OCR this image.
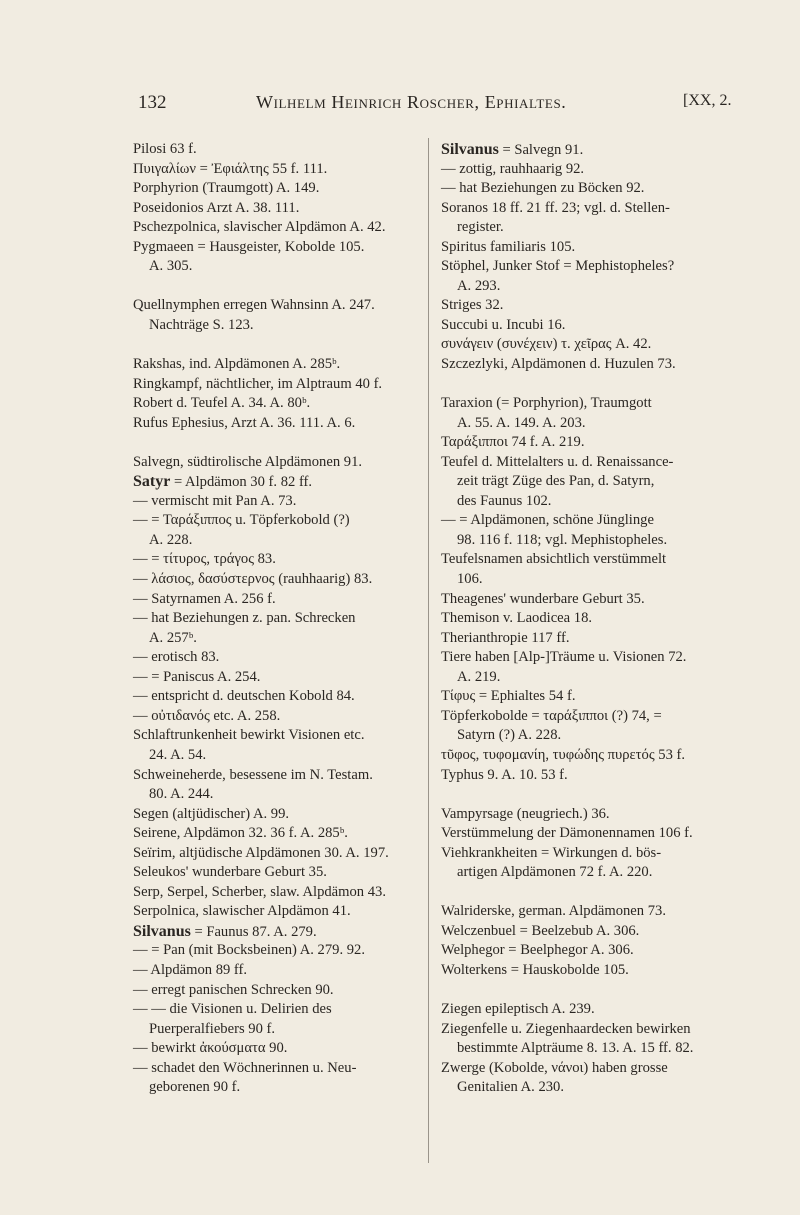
132	Wilhelm Heinrich Roscher, Ephialtes.	[XX, 2.
Pilosi 63 f.
Πυιγαλίων = Ἐφιάλτης 55 f. 111.
Porphyrion (Traumgott) A. 149.
Poseidonios Arzt A. 38. 111.
Pschezpolnica, slavischer Alpdämon A. 42.
Pygmaeen = Hausgeister, Kobolde 105.
A. 305.
Quellnymphen erregen Wahnsinn A. 247.
Nachträge S. 123.
Rakshas, ind. Alpdämonen A. 285ᵇ.
Ringkampf, nächtlicher, im Alptraum 40 f.
Robert d. Teufel A. 34. A. 80ᵇ.
Rufus Ephesius, Arzt A. 36. 111. A. 6.
Salvegn, südtirolische Alpdämonen 91.
Satyr = Alpdämon 30 f. 82 ff.
— vermischt mit Pan A. 73.
— = Ταράξιππος u. Töpferkobold (?)
A. 228.
— = τίτυρος, τράγος 83.
— λάσιος, δασύστερνος (rauhhaarig) 83.
— Satyrnamen A. 256 f.
— hat Beziehungen z. pan. Schrecken
A. 257ᵇ.
— erotisch 83.
— = Paniscus A. 254.
— entspricht d. deutschen Kobold 84.
— οὐτιδανός etc. A. 258.
Schlaftrunkenheit bewirkt Visionen etc.
24. A. 54.
Schweineherde, besessene im N. Testam.
80. A. 244.
Segen (altjüdischer) A. 99.
Seirene, Alpdämon 32. 36 f. A. 285ᵇ.
Seïrim, altjüdische Alpdämonen 30. A. 197.
Seleukos' wunderbare Geburt 35.
Serp, Serpel, Scherber, slaw. Alpdämon 43.
Serpolnica, slawischer Alpdämon 41.
Silvanus = Faunus 87. A. 279.
— = Pan (mit Bocksbeinen) A. 279. 92.
— Alpdämon 89 ff.
— erregt panischen Schrecken 90.
— — die Visionen u. Delirien des
Puerperalfiebers 90 f.
— bewirkt ἀκούσματα 90.
— schadet den Wöchnerinnen u. Neu-
geborenen 90 f.
Silvanus = Salvegn 91.
— zottig, rauhhaarig 92.
— hat Beziehungen zu Böcken 92.
Soranos 18 ff. 21 ff. 23; vgl. d. Stellen-
register.
Spiritus familiaris 105.
Stöphel, Junker Stof = Mephistopheles?
A. 293.
Striges 32.
Succubi u. Incubi 16.
συνάγειν (συνέχειν) τ. χεῖρας A. 42.
Szczezlyki, Alpdämonen d. Huzulen 73.
Taraxion (= Porphyrion), Traumgott
A. 55. A. 149. A. 203.
Ταράξιπποι 74 f. A. 219.
Teufel d. Mittelalters u. d. Renaissance-
zeit trägt Züge des Pan, d. Satyrn,
des Faunus 102.
— = Alpdämonen, schöne Jünglinge
98. 116 f. 118; vgl. Mephistopheles.
Teufelsnamen absichtlich verstümmelt
106.
Theagenes' wunderbare Geburt 35.
Themison v. Laodicea 18.
Therianthropie 117 ff.
Tiere haben [Alp-]Träume u. Visionen 72.
A. 219.
Τίφυς = Ephialtes 54 f.
Töpferkobolde = ταράξιπποι (?) 74, =
Satyrn (?) A. 228.
τῦφος, τυφομανίη, τυφώδης πυρετός 53 f.
Typhus 9. A. 10. 53 f.
Vampyrsage (neugriech.) 36.
Verstümmelung der Dämonennamen 106 f.
Viehkrankheiten = Wirkungen d. bös-
artigen Alpdämonen 72 f. A. 220.
Walriderske, german. Alpdämonen 73.
Welczenbuel = Beelzebub A. 306.
Welphegor = Beelphegor A. 306.
Wolterkens = Hauskobolde 105.
Ziegen epileptisch A. 239.
Ziegenfelle u. Ziegenhaardecken bewirken
bestimmte Alpträume 8. 13. A. 15 ff. 82.
Zwerge (Kobolde, νάνοι) haben grosse
Genitalien A. 230.
